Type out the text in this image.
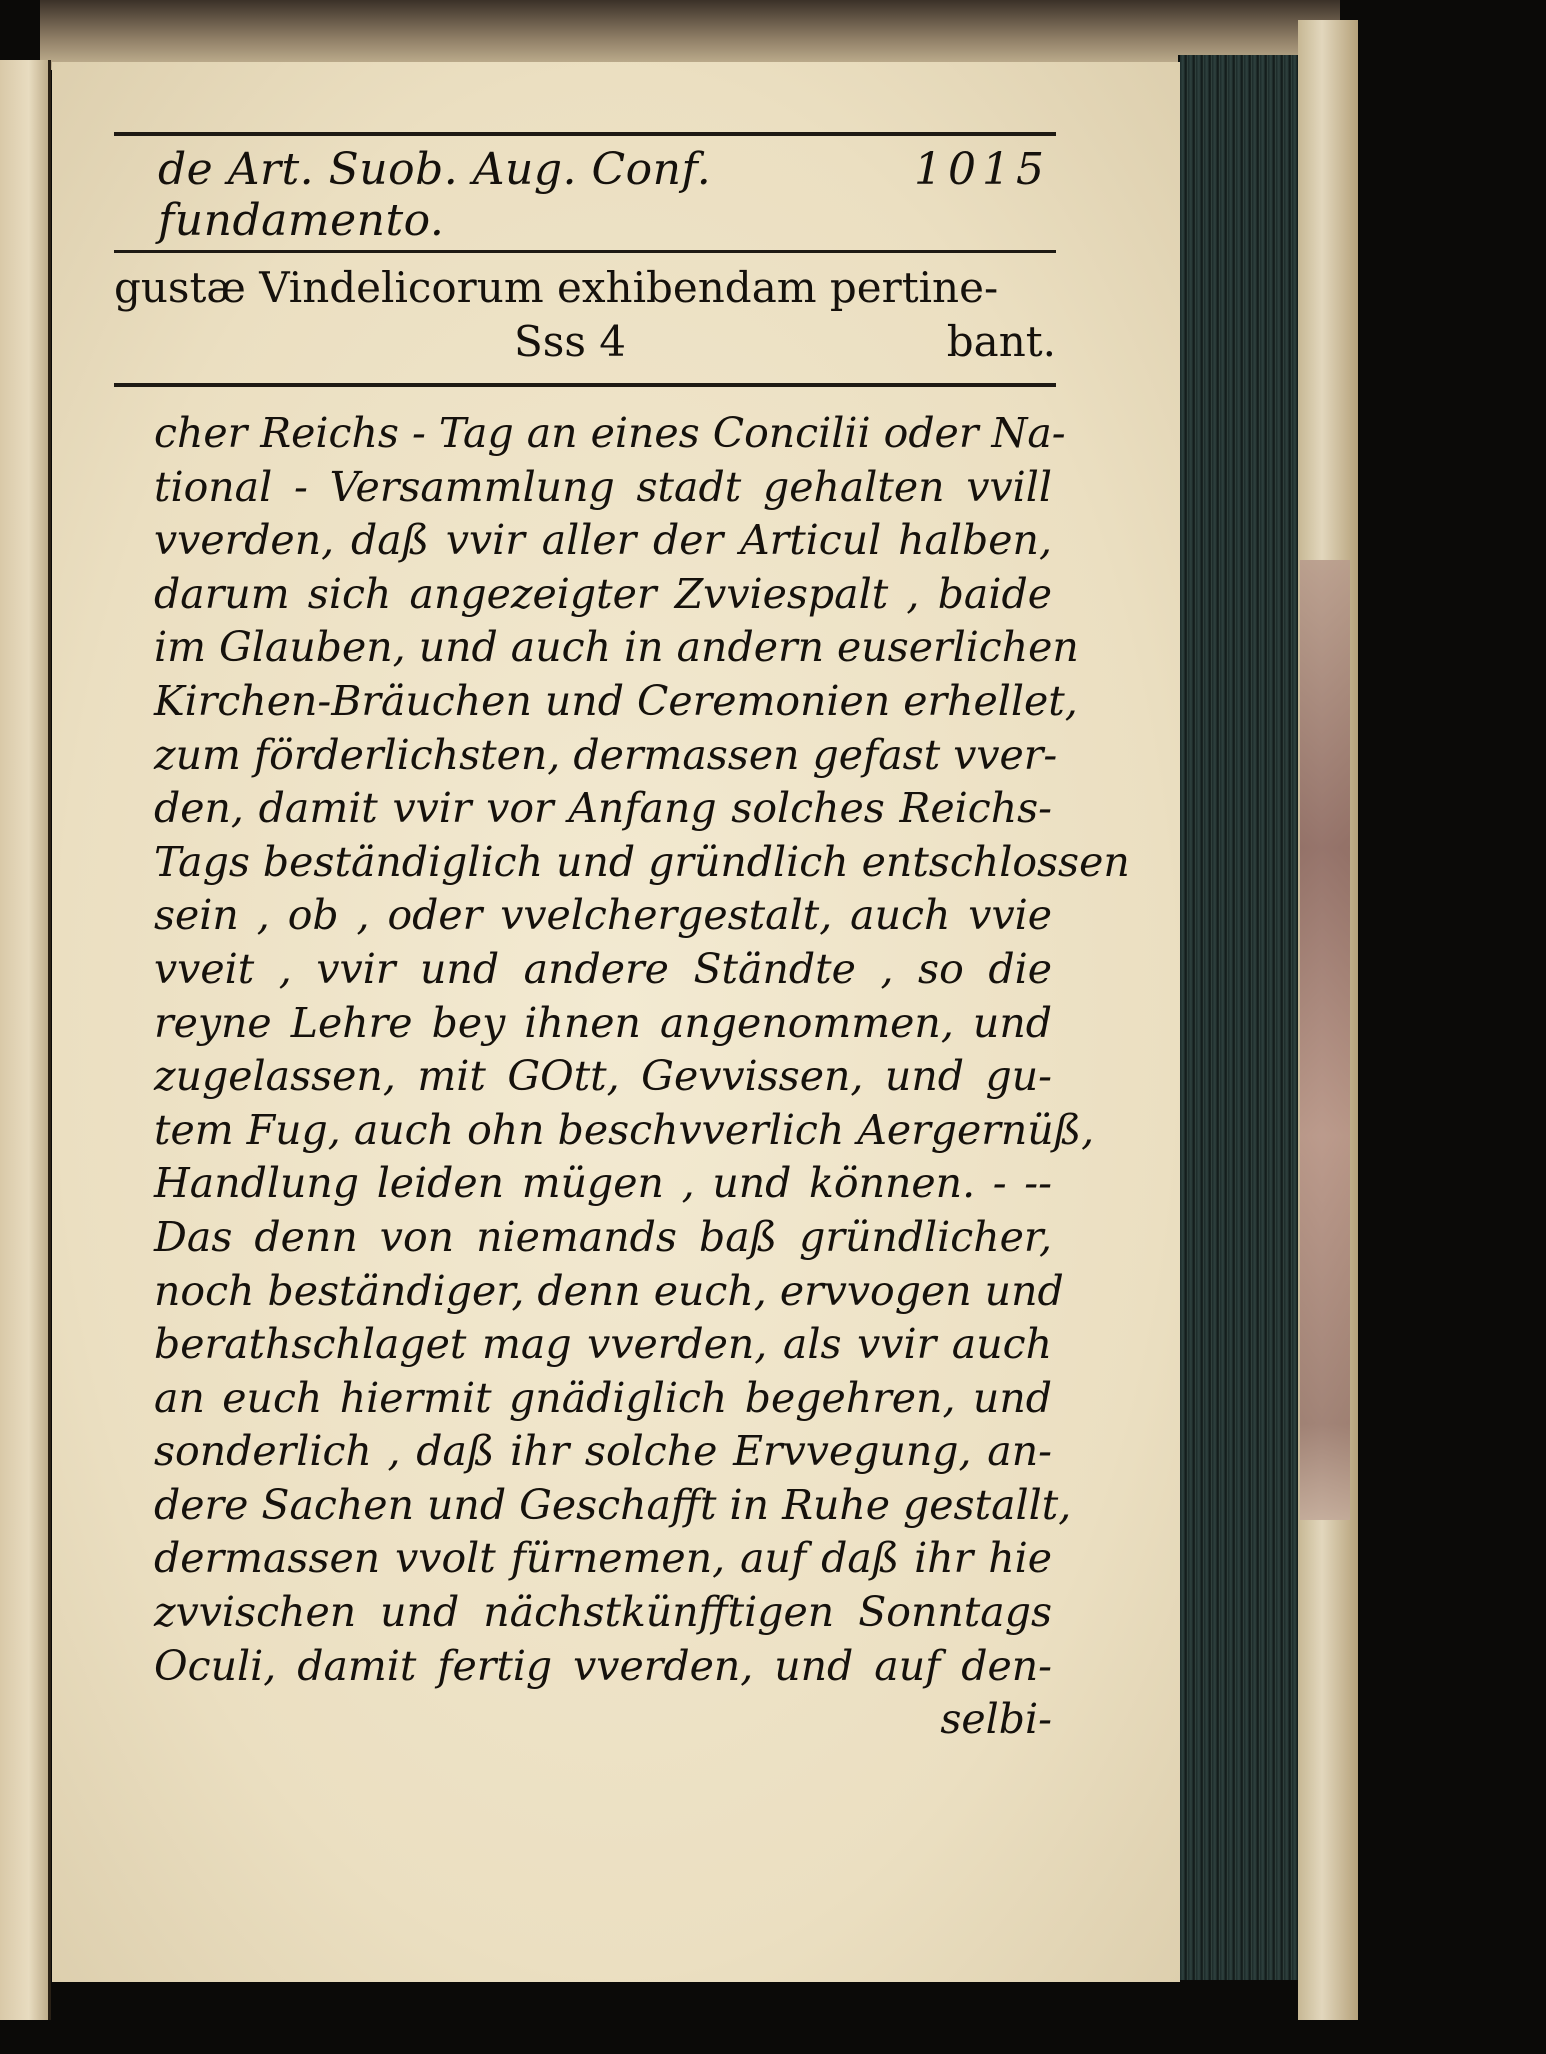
de Art. Suob. Aug. Conf. fundamento.
1015
gustæ Vindelicorum exhibendam pertine-
Sss 4	bant.
cher Reichs - Tag an eines Concilii oder Na-
tional - Versammlung stadt gehalten vvill
vverden, daß vvir aller der Articul halben,
darum sich angezeigter Zvviespalt , baide
im Glauben, und auch in andern euserlichen
Kirchen-Bräuchen und Ceremonien erhellet,
zum förderlichsten, dermassen gefast vver-
den, damit vvir vor Anfang solches Reichs-
Tags beständiglich und gründlich entschlossen
sein , ob , oder vvelchergestalt, auch vvie
vveit , vvir und andere Ständte , so die
reyne Lehre bey ihnen angenommen, und
zugelassen, mit GOtt, Gevvissen, und gu-
tem Fug, auch ohn beschvverlich Aergernüß,
Handlung leiden mügen , und können. - --
Das denn von niemands baß gründlicher,
noch beständiger, denn euch, ervvogen und
berathschlaget mag vverden, als vvir auch
an euch hiermit gnädiglich begehren, und
sonderlich , daß ihr solche Ervvegung, an-
dere Sachen und Geschafft in Ruhe gestallt,
dermassen vvolt fürnemen, auf daß ihr hie
zvvischen und nächstkünfftigen Sonntags
Oculi, damit fertig vverden, und auf den-
selbi-
